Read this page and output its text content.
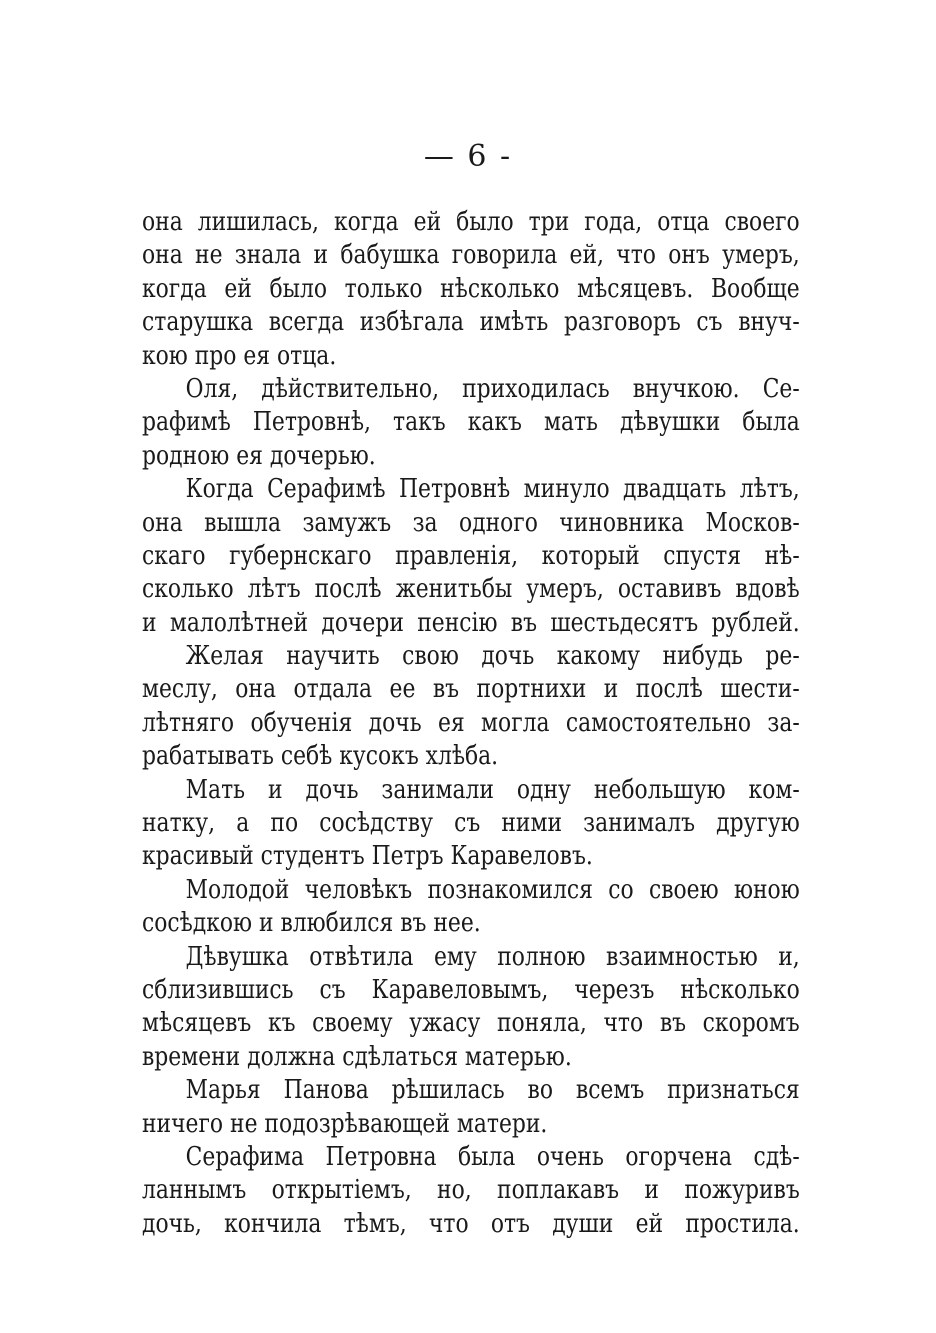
— 6 -
она лишилась, когда ей было три года, отца своего
она не знала и бабушка говорила ей, что онъ умеръ,
когда ей было только нѣсколько мѣсяцевъ. Вообще
старушка всегда избѣгала имѣть разговоръ съ внуч-
кою про ея отца.
Оля, дѣйствительно, приходилась внучкою. Се-
рафимѣ Петровнѣ, такъ какъ мать дѣвушки была
родною ея дочерью.
Когда Серафимѣ Петровнѣ минуло двадцать лѣтъ,
она вышла замужъ за одного чиновника Москов-
скаго губернскаго правленія, который спустя нѣ-
сколько лѣтъ послѣ женитьбы умеръ, оставивъ вдовѣ
и малолѣтней дочери пенсію въ шестьдесятъ рублей.
Желая научить свою дочь какому нибудь ре-
меслу, она отдала ее въ портнихи и послѣ шести-
лѣтняго обученія дочь ея могла самостоятельно за-
рабатывать себѣ кусокъ хлѣба.
Мать и дочь занимали одну небольшую ком-
натку, а по сосѣдству съ ними занималъ другую
красивый студентъ Петръ Каравеловъ.
Молодой человѣкъ познакомился со своею юною
сосѣдкою и влюбился въ нее.
Дѣвушка отвѣтила ему полною взаимностью и,
сблизившись съ Каравеловымъ, черезъ нѣсколько
мѣсяцевъ къ своему ужасу поняла, что въ скоромъ
времени должна сдѣлаться матерью.
Марья Панова рѣшилась во всемъ признаться
ничего не подозрѣвающей матери.
Серафима Петровна была очень огорчена сдѣ-
ланнымъ открытіемъ, но, поплакавъ и пожуривъ
дочь, кончила тѣмъ, что отъ души ей простила.
